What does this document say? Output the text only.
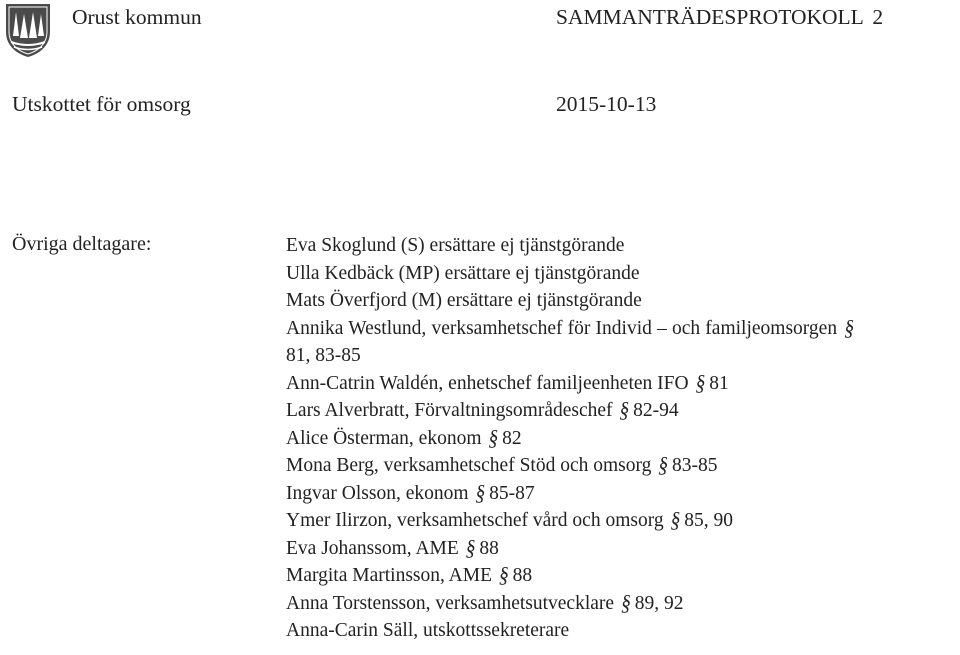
Orust kommun	SAMMANTRÄDESPROTOKOLL 2
Utskottet för omsorg	2015-10-13
Övriga deltagare:	Eva Skoglund (S) ersättare ej tjänstgörande
Ulla Kedbäck (MP) ersättare ej tjänstgörande
Mats Överfjord (M) ersättare ej tjänstgörande
Annika Westlund, verksamhetschef för Individ – och familjeomsorgen §81, 83-85
Ann-Catrin Waldén, enhetschef familjeenheten IFO § 81
Lars Alverbratt, Förvaltningsområdeschef § 82-94
Alice Österman, ekonom § 82
Mona Berg, verksamhetschef Stöd och omsorg § 83-85
Ingvar Olsson, ekonom § 85-87
Ymer Ilirzon, verksamhetschef vård och omsorg § 85, 90
Eva Johanssom, AME § 88
Margita Martinsson, AME § 88
Anna Torstensson, verksamhetsutvecklare § 89, 92
Anna-Carin Säll, utskottssekreterare
